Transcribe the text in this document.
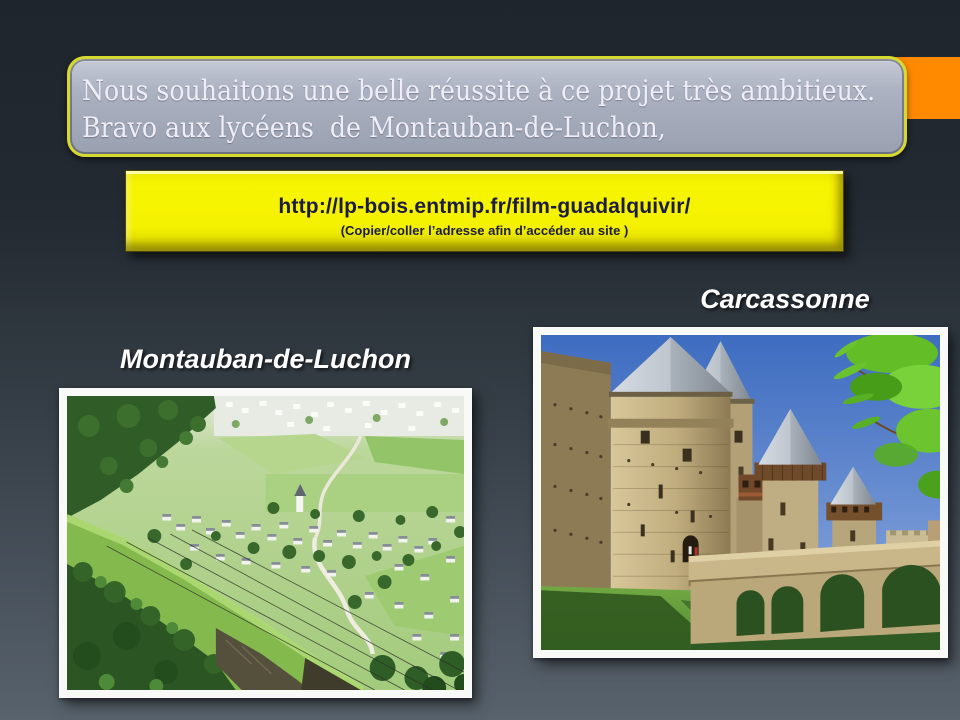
Nous souhaitons une belle réussite à ce projet très ambitieux.
Bravo aux lycéens  de Montauban-de-Luchon,
http://lp-bois.entmip.fr/film-guadalquivir/
(Copier/coller l’adresse afin d’accéder au site )
Carcassonne
Montauban-de-Luchon
